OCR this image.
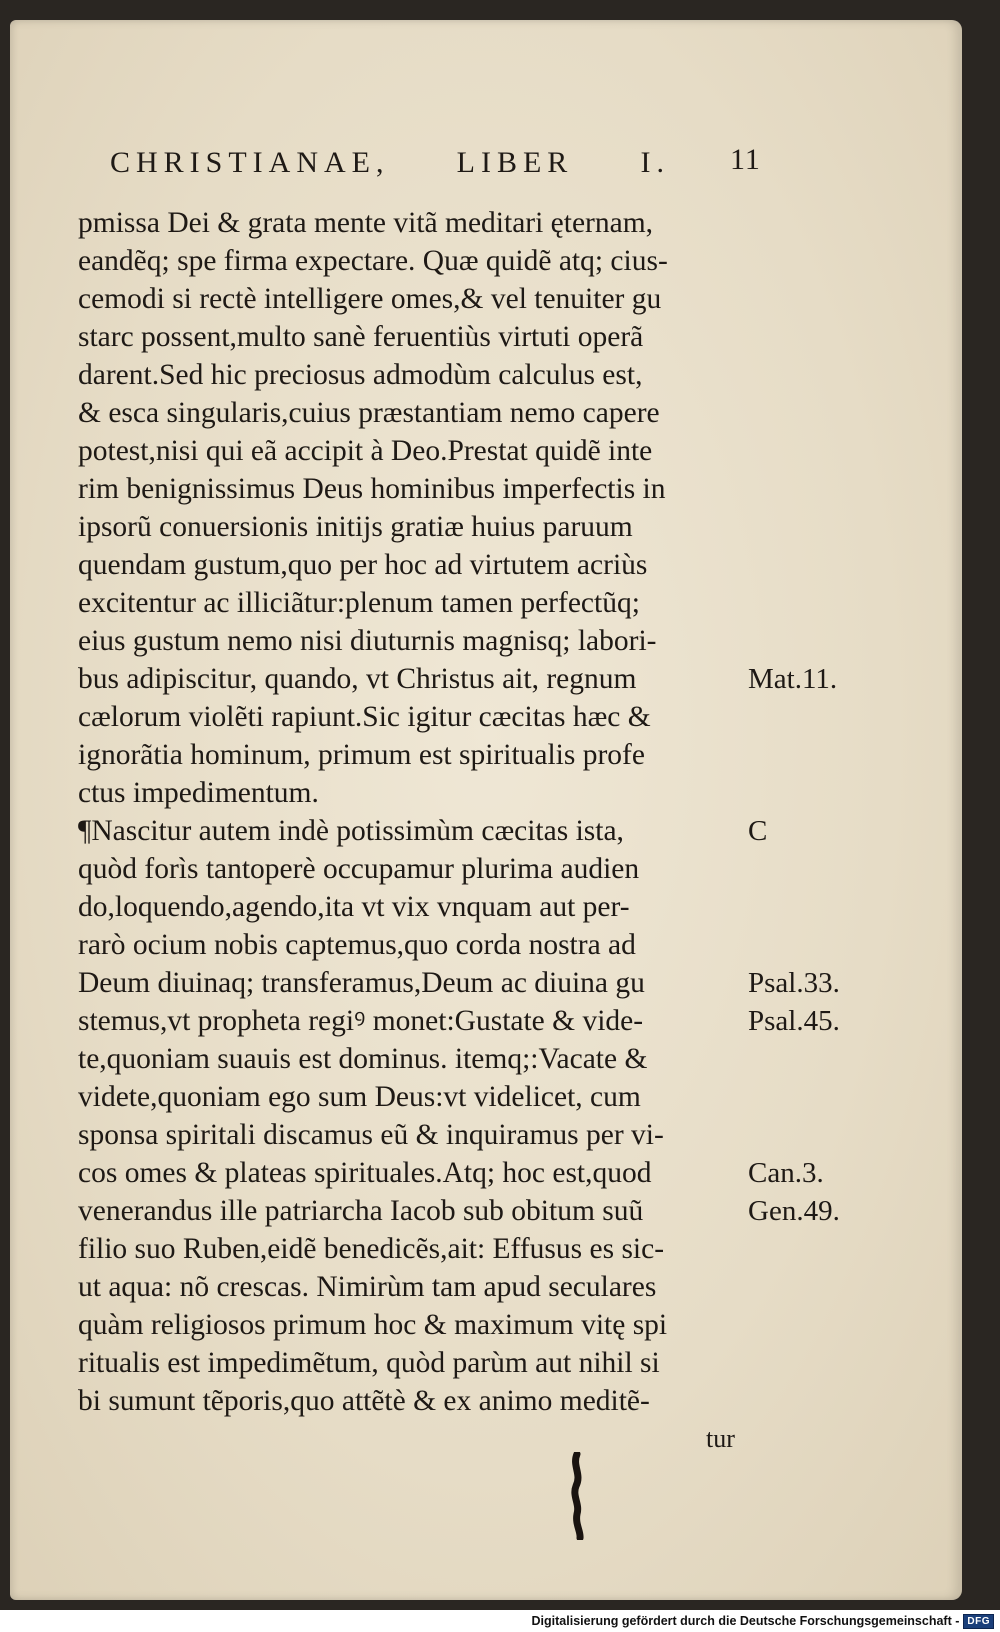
CHRISTIANAE, LIBER I. 11
pmissa Dei & grata mente vitã meditari ęternam,
eandẽq; spe firma expectare. Quæ quidẽ atq; cius-
cemodi si rectè intelligere omes,& vel tenuiter gu
starc possent,multo sanè feruentiùs virtuti operã
darent.Sed hic preciosus admodùm calculus est,
& esca singularis,cuius præstantiam nemo capere
potest,nisi qui eã accipit à Deo.Prestat quidẽ inte
rim benignissimus Deus hominibus imperfectis in
ipsorũ conuersionis initijs gratiæ huius paruum
quendam gustum,quo per hoc ad virtutem acriùs
excitentur ac illiciãtur:plenum tamen perfectũq;
eius gustum nemo nisi diuturnis magnisq; labori-
bus adipiscitur, quando, vt Christus ait, regnum
cælorum violẽti rapiunt.Sic igitur cæcitas hæc &
ignorãtia hominum, primum est spiritualis profe
ctus impedimentum.
¶Nascitur autem indè potissimùm cæcitas ista,
quòd forìs tantoperè occupamur plurima audien
do,loquendo,agendo,ita vt vix vnquam aut per-
rarò ocium nobis captemus,quo corda nostra ad
Deum diuinaq; transferamus,Deum ac diuina gu
stemus,vt propheta regiꝰ monet:Gustate & vide-
te,quoniam suauis est dominus. itemq;:Vacate &
videte,quoniam ego sum Deus:vt videlicet, cum
sponsa spiritali discamus eũ & inquiramus per vi-
cos omes & plateas spirituales.Atq; hoc est,quod
venerandus ille patriarcha Iacob sub obitum suũ
filio suo Ruben,eidẽ benedicẽs,ait: Effusus es sic-
ut aqua: nõ crescas. Nimirùm tam apud seculares
quàm religiosos primum hoc & maximum vitę spi
ritualis est impedimẽtum, quòd parùm aut nihil si
bi sumunt tẽporis,quo attẽtè & ex animo meditẽ-
Mat.11.
C
Psal.33.
Psal.45.
Can.3.
Gen.49.
tur
Digitalisierung gefördert durch die Deutsche Forschungsgemeinschaft - DFG
